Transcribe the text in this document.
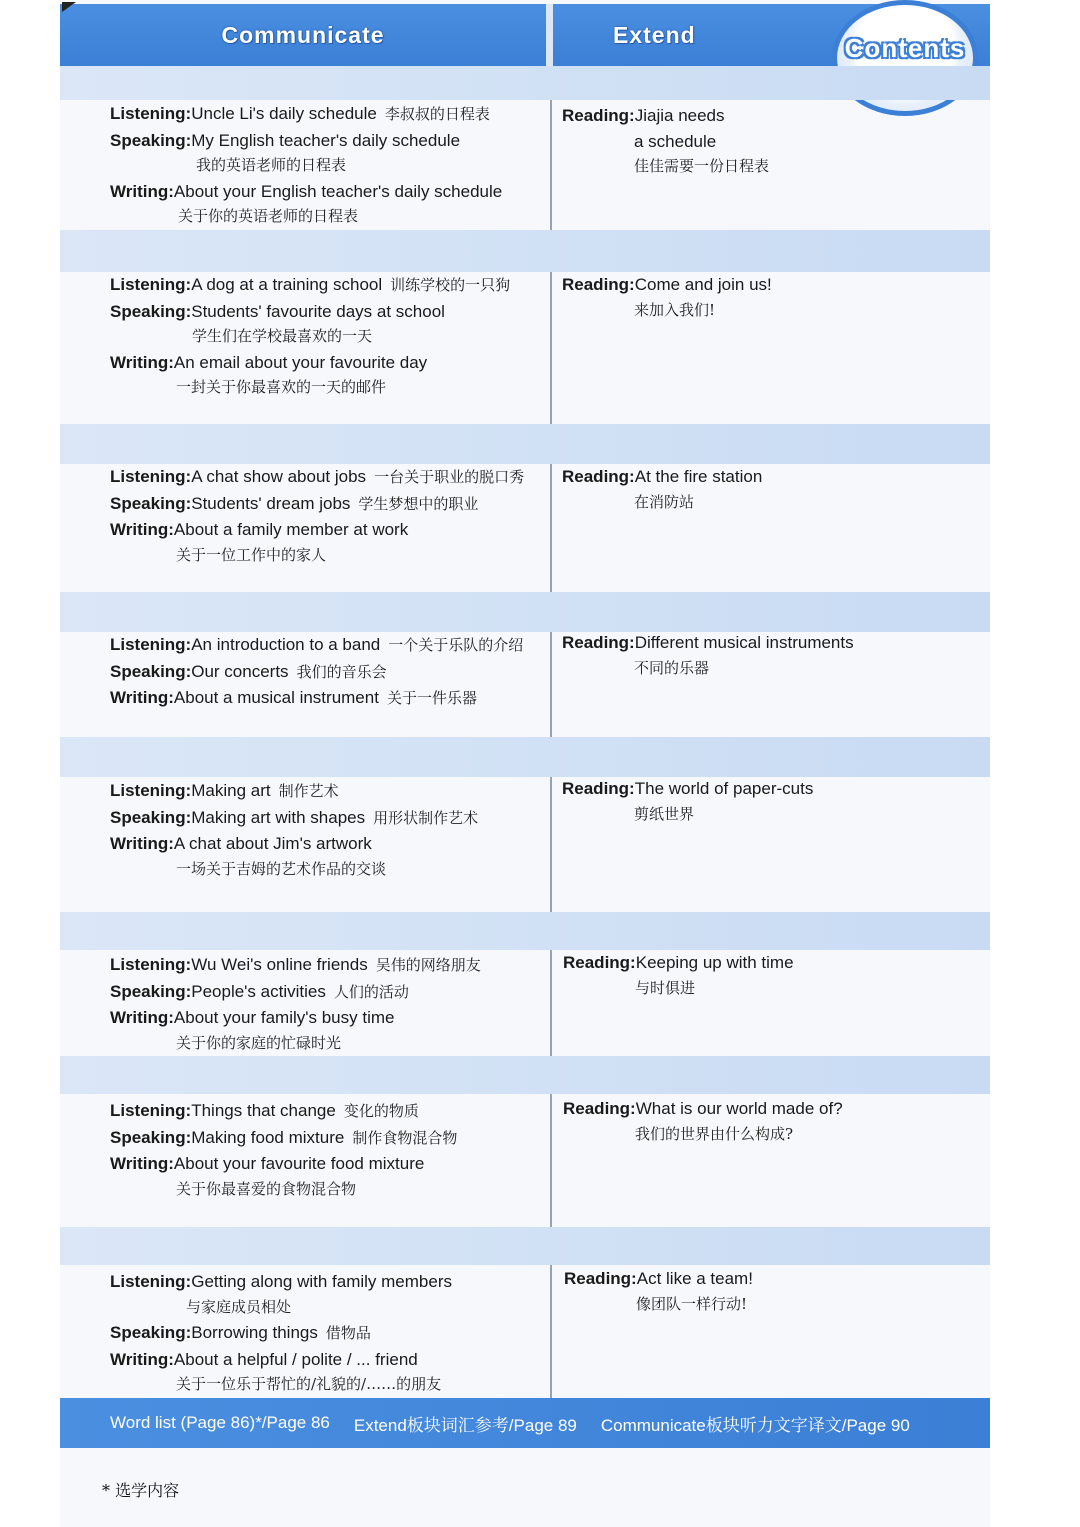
Communicate	Extend	Contents
Listening:Uncle Li's daily schedule 李叔叔的日程表
Speaking:My English teacher's daily schedule
我的英语老师的日程表
Writing:About your English teacher's daily schedule
关于你的英语老师的日程表
Reading:Jiajia needs
a schedule
佳佳需要一份日程表
Listening:A dog at a training school 训练学校的一只狗
Speaking:Students' favourite days at school
学生们在学校最喜欢的一天
Writing:An email about your favourite day
一封关于你最喜欢的一天的邮件
Reading:Come and join us!
来加入我们!
Listening:A chat show about jobs 一台关于职业的脱口秀
Speaking:Students' dream jobs 学生梦想中的职业
Writing:About a family member at work
关于一位工作中的家人
Reading:At the fire station
在消防站
Listening:An introduction to a band 一个关于乐队的介绍
Speaking:Our concerts 我们的音乐会
Writing:About a musical instrument 关于一件乐器
Reading:Different musical instruments
不同的乐器
Listening:Making art 制作艺术
Speaking:Making art with shapes 用形状制作艺术
Writing:A chat about Jim's artwork
一场关于吉姆的艺术作品的交谈
Reading:The world of paper-cuts
剪纸世界
Listening:Wu Wei's online friends 吴伟的网络朋友
Speaking:People's activities 人们的活动
Writing:About your family's busy time
关于你的家庭的忙碌时光
Reading:Keeping up with time
与时俱进
Listening:Things that change 变化的物质
Speaking:Making food mixture 制作食物混合物
Writing:About your favourite food mixture
关于你最喜爱的食物混合物
Reading:What is our world made of?
我们的世界由什么构成?
Listening:Getting along with family members
与家庭成员相处
Speaking:Borrowing things 借物品
Writing:About a helpful / polite / ... friend
关于一位乐于帮忙的/礼貌的/……的朋友
Reading:Act like a team!
像团队一样行动!
Word list (Page 86)*/Page 86 Extend板块词汇参考/Page 89 Communicate板块听力文字译文/Page 90
* 选学内容
